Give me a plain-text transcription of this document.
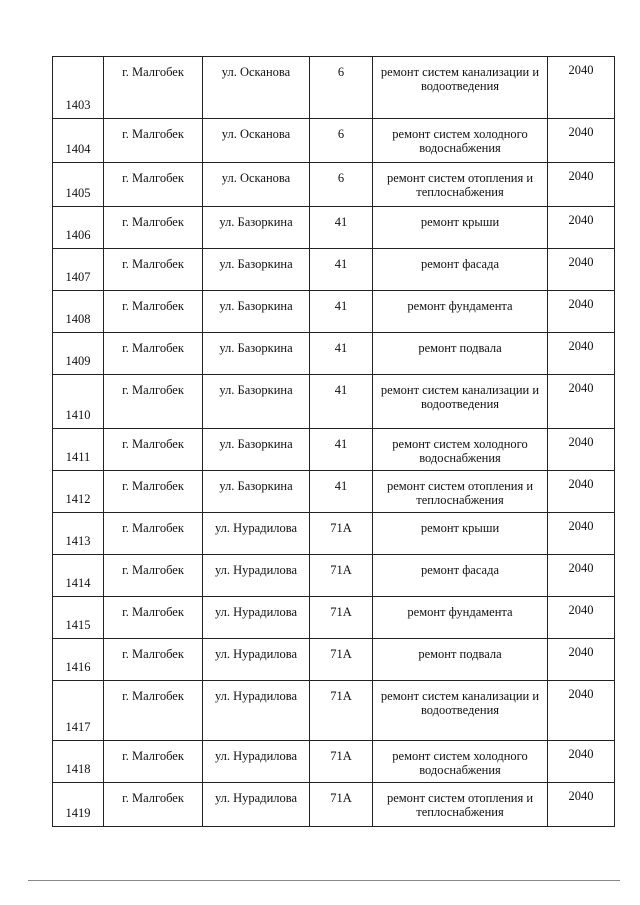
1403	г. Малгобек	ул. Осканова	6	ремонт систем канализации и водоотведения	2040
1404	г. Малгобек	ул. Осканова	6	ремонт систем холодного водоснабжения	2040
1405	г. Малгобек	ул. Осканова	6	ремонт систем отопления и теплоснабжения	2040
1406	г. Малгобек	ул. Базоркина	41	ремонт крыши	2040
1407	г. Малгобек	ул. Базоркина	41	ремонт фасада	2040
1408	г. Малгобек	ул. Базоркина	41	ремонт фундамента	2040
1409	г. Малгобек	ул. Базоркина	41	ремонт подвала	2040
1410	г. Малгобек	ул. Базоркина	41	ремонт систем канализации и водоотведения	2040
1411	г. Малгобек	ул. Базоркина	41	ремонт систем холодного водоснабжения	2040
1412	г. Малгобек	ул. Базоркина	41	ремонт систем отопления и теплоснабжения	2040
1413	г. Малгобек	ул. Нурадилова	71А	ремонт крыши	2040
1414	г. Малгобек	ул. Нурадилова	71А	ремонт фасада	2040
1415	г. Малгобек	ул. Нурадилова	71А	ремонт фундамента	2040
1416	г. Малгобек	ул. Нурадилова	71А	ремонт подвала	2040
1417	г. Малгобек	ул. Нурадилова	71А	ремонт систем канализации и водоотведения	2040
1418	г. Малгобек	ул. Нурадилова	71А	ремонт систем холодного водоснабжения	2040
1419	г. Малгобек	ул. Нурадилова	71А	ремонт систем отопления и теплоснабжения	2040
